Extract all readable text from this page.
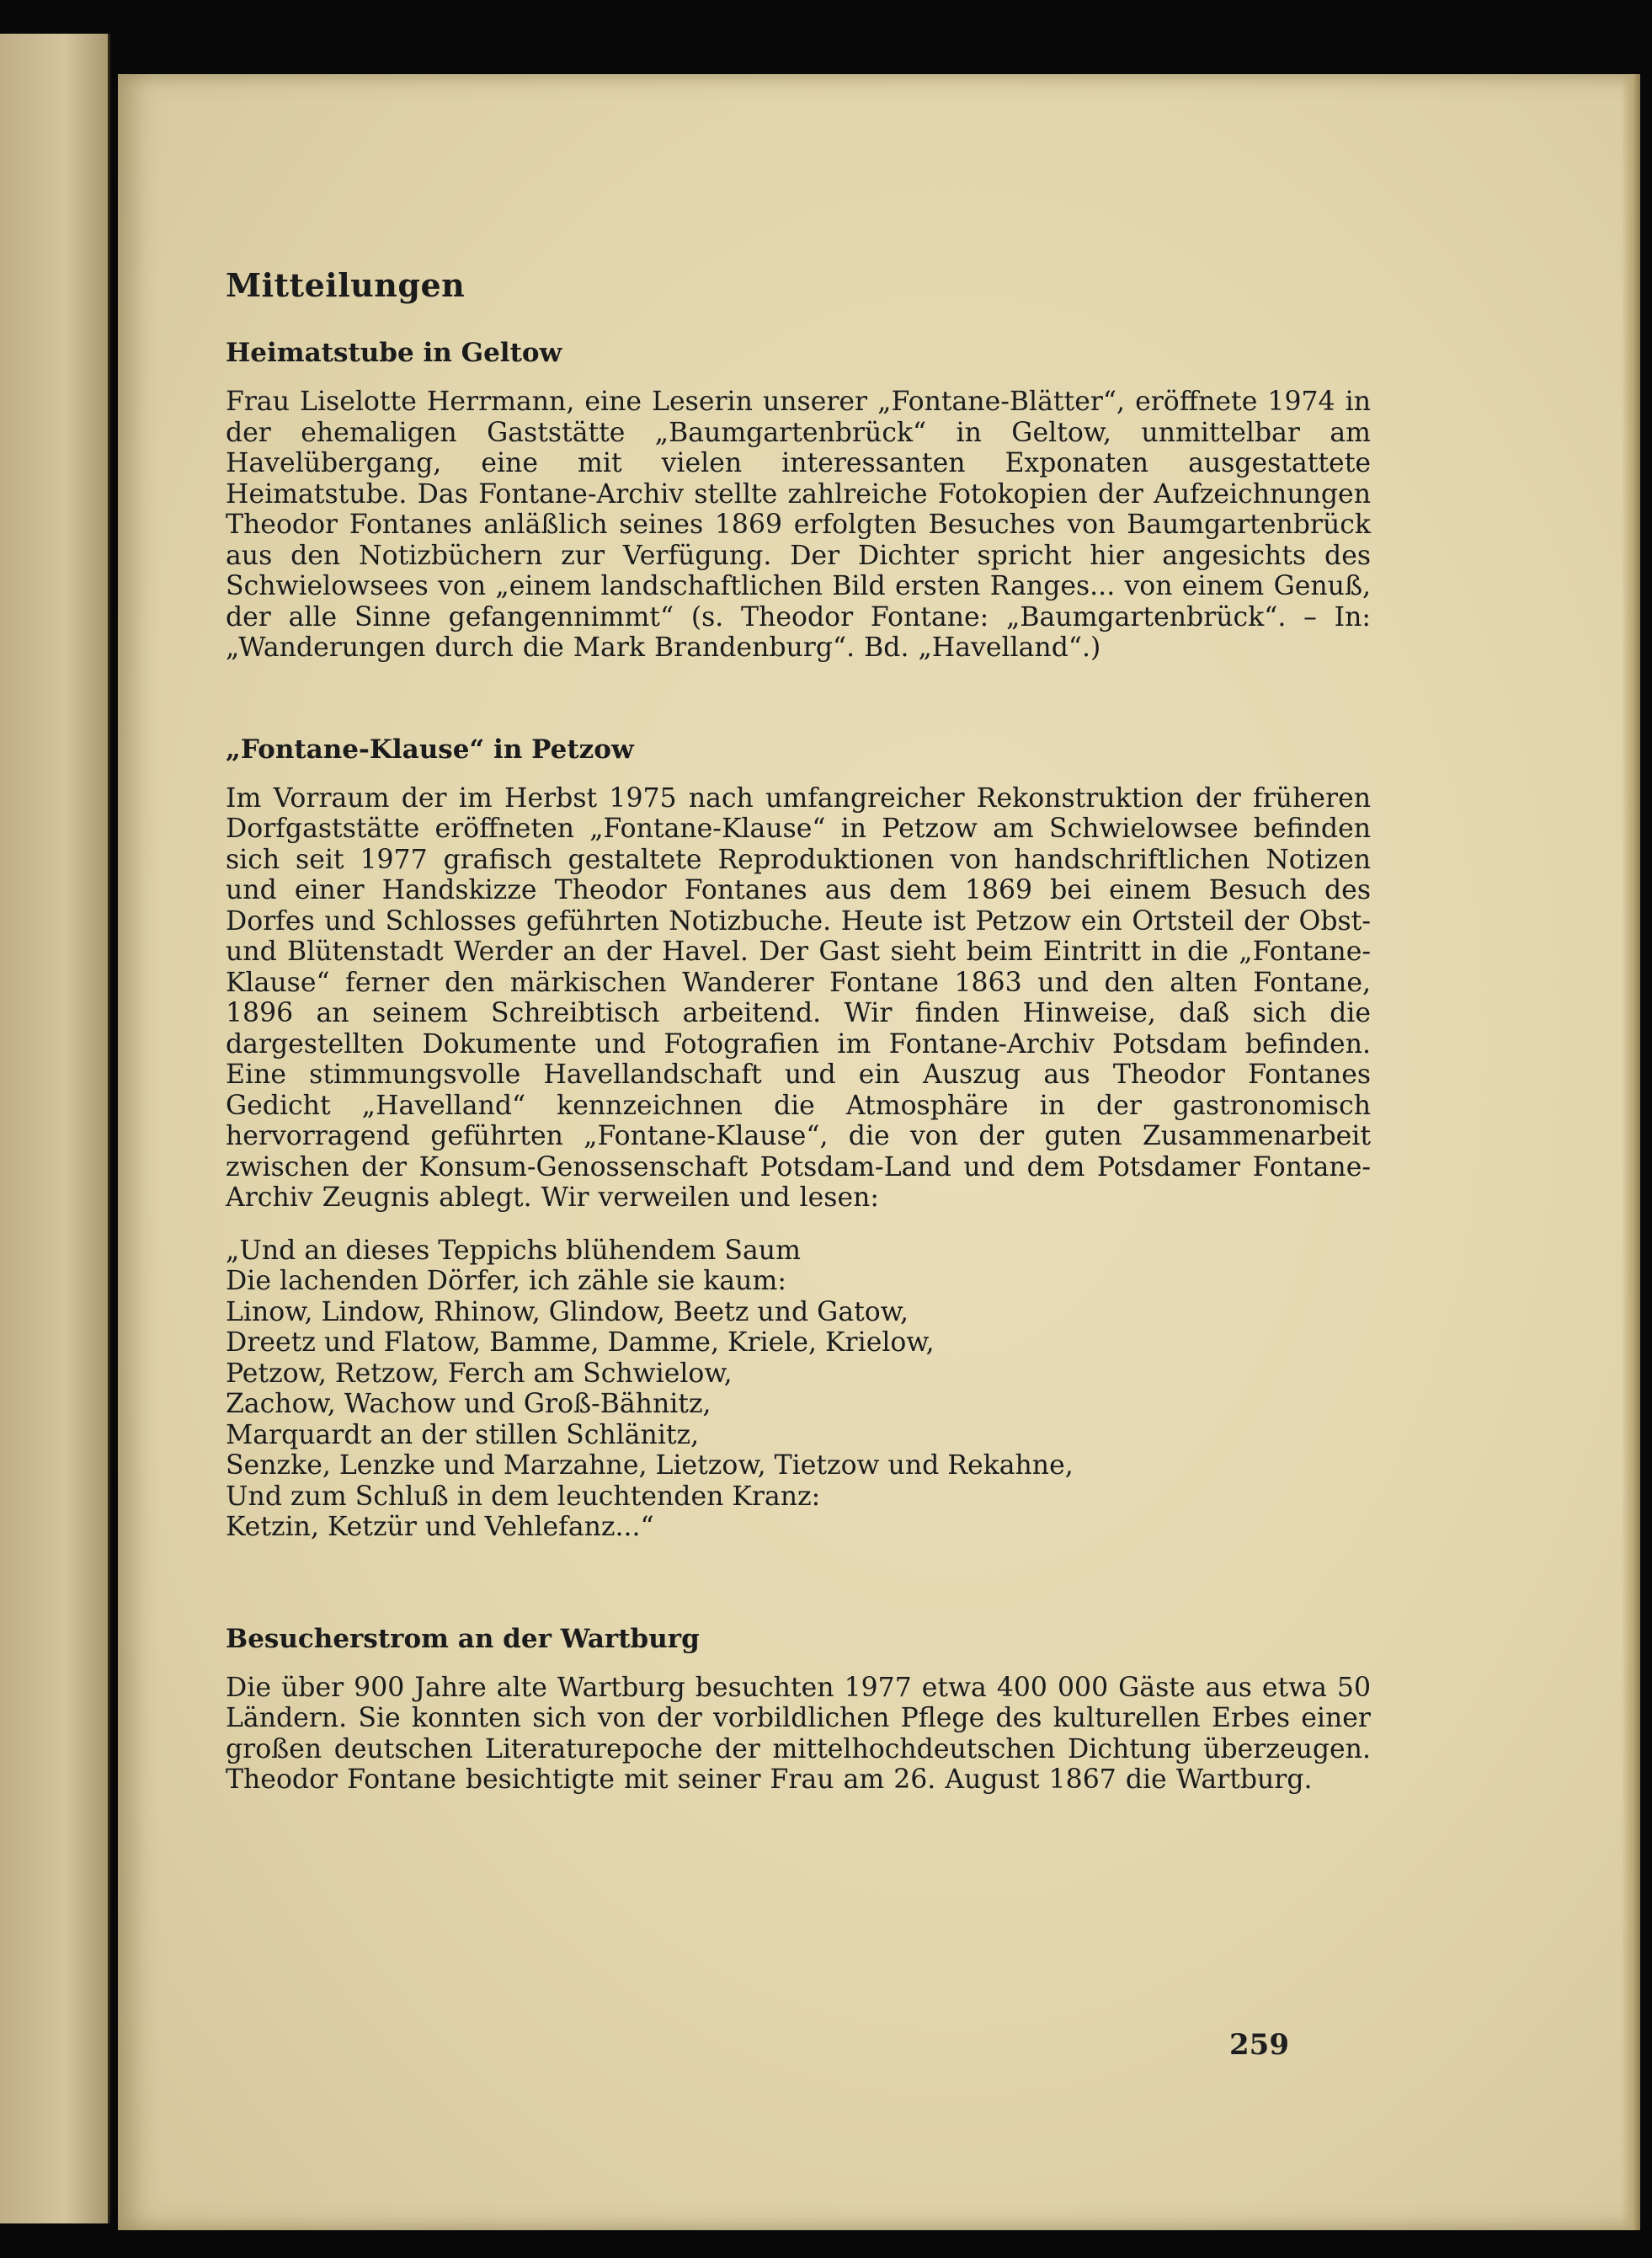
Mitteilungen
Heimatstube in Geltow

Frau Liselotte Herrmann, eine Leserin unserer „Fontane-Blätter“, eröffnete 1974 in der ehemaligen Gaststätte „Baumgartenbrück“ in Geltow, unmittelbar am Havelübergang, eine mit vielen interessanten Exponaten ausgestattete Heimatstube. Das Fontane-Archiv stellte zahlreiche Fotokopien der Aufzeichnungen Theodor Fontanes anläßlich seines 1869 erfolgten Besuches von Baumgartenbrück aus den Notizbüchern zur Verfügung. Der Dichter spricht hier angesichts des Schwielowsees von „einem landschaftlichen Bild ersten Ranges... von einem Genuß, der alle Sinne gefangennimmt“ (s. Theodor Fontane: „Baumgartenbrück“. – In: „Wanderungen durch die Mark Brandenburg“. Bd. „Havelland“.)

„Fontane-Klause“ in Petzow

Im Vorraum der im Herbst 1975 nach umfangreicher Rekonstruktion der früheren Dorfgaststätte eröffneten „Fontane-Klause“ in Petzow am Schwielowsee befinden sich seit 1977 grafisch gestaltete Reproduktionen von handschriftlichen Notizen und einer Handskizze Theodor Fontanes aus dem 1869 bei einem Besuch des Dorfes und Schlosses geführten Notizbuche. Heute ist Petzow ein Ortsteil der Obst- und Blütenstadt Werder an der Havel. Der Gast sieht beim Eintritt in die „Fontane-Klause“ ferner den märkischen Wanderer Fontane 1863 und den alten Fontane, 1896 an seinem Schreibtisch arbeitend. Wir finden Hinweise, daß sich die dargestellten Dokumente und Fotografien im Fontane-Archiv Potsdam befinden. Eine stimmungsvolle Havellandschaft und ein Auszug aus Theodor Fontanes Gedicht „Havelland“ kennzeichnen die Atmosphäre in der gastronomisch hervorragend geführten „Fontane-Klause“, die von der guten Zusammenarbeit zwischen der Konsum-Genossenschaft Potsdam-Land und dem Potsdamer Fontane-Archiv Zeugnis ablegt. Wir verweilen und lesen:

„Und an dieses Teppichs blühendem Saum
Die lachenden Dörfer, ich zähle sie kaum:
Linow, Lindow, Rhinow, Glindow, Beetz und Gatow,
Dreetz und Flatow, Bamme, Damme, Kriele, Krielow,
Petzow, Retzow, Ferch am Schwielow,
Zachow, Wachow und Groß-Bähnitz,
Marquardt an der stillen Schlänitz,
Senzke, Lenzke und Marzahne, Lietzow, Tietzow und Rekahne,
Und zum Schluß in dem leuchtenden Kranz:
Ketzin, Ketzür und Vehlefanz...“
Besucherstrom an der Wartburg

Die über 900 Jahre alte Wartburg besuchten 1977 etwa 400 000 Gäste aus etwa 50 Ländern. Sie konnten sich von der vorbildlichen Pflege des kulturellen Erbes einer großen deutschen Literaturepoche der mittelhochdeutschen Dichtung überzeugen. Theodor Fontane besichtigte mit seiner Frau am 26. August 1867 die Wartburg.

259
